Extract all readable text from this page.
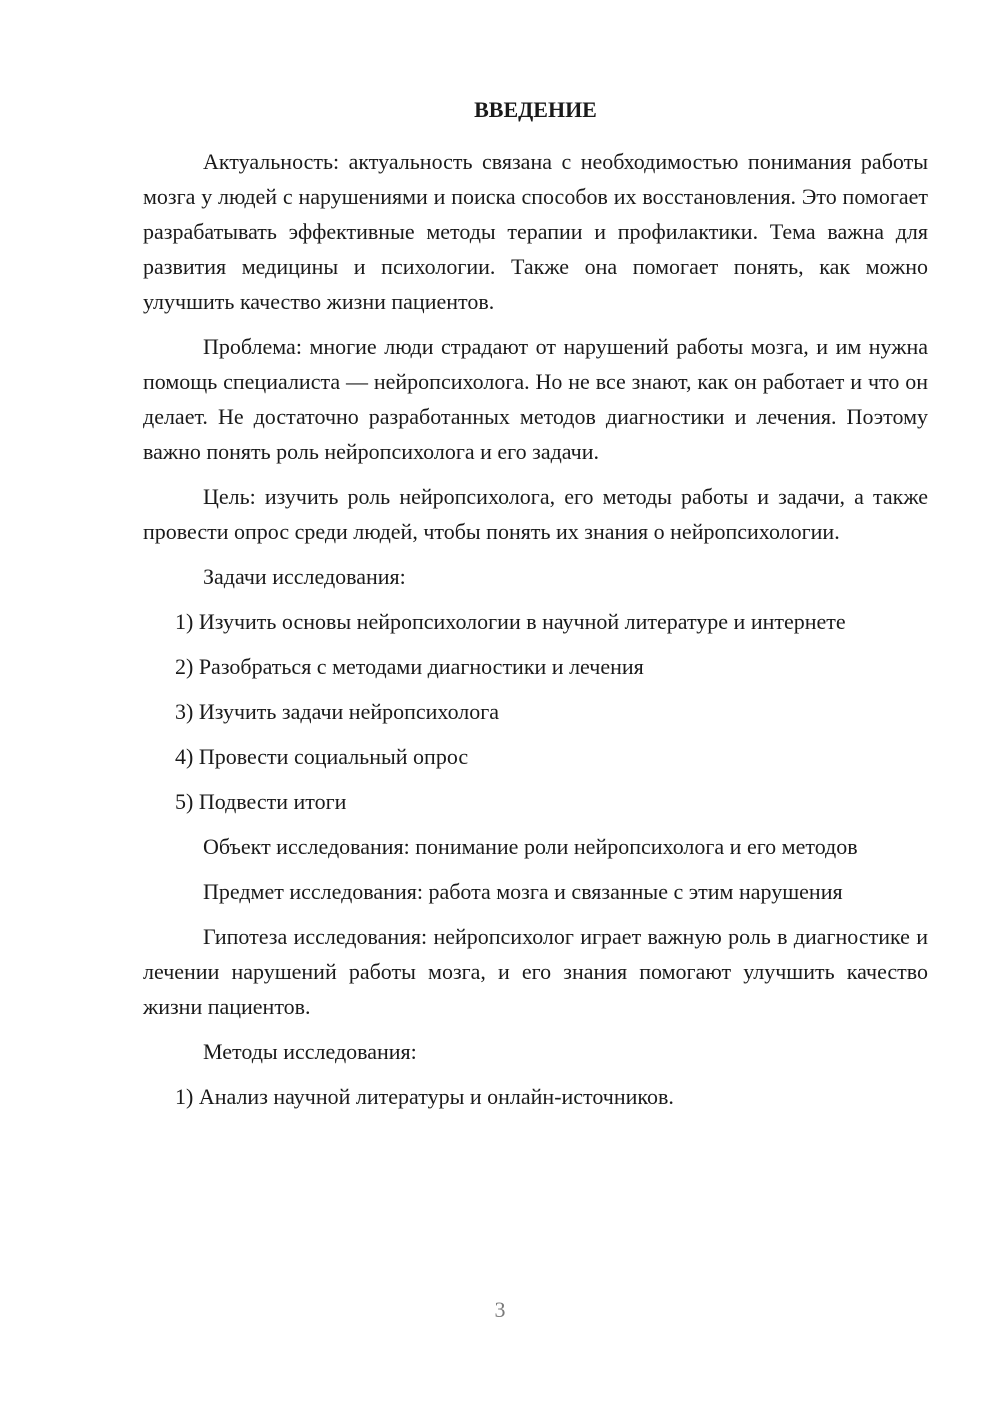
ВВЕДЕНИЕ

Актуальность: актуальность связана с необходимостью понимания работы мозга у людей с нарушениями и поиска способов их восстановления. Это помогает разрабатывать эффективные методы терапии и профилактики. Тема важна для развития медицины и психологии. Также она помогает понять, как можно улучшить качество жизни пациентов.

Проблема: многие люди страдают от нарушений работы мозга, и им нужна помощь специалиста — нейропсихолога. Но не все знают, как он работает и что он делает. Не достаточно разработанных методов диагностики и лечения. Поэтому важно понять роль нейропсихолога и его задачи.

Цель: изучить роль нейропсихолога, его методы работы и задачи, а также провести опрос среди людей, чтобы понять их знания о нейропсихологии.

Задачи исследования:

1) Изучить основы нейропсихологии в научной литературе и интернете

2) Разобраться с методами диагностики и лечения

3) Изучить задачи нейропсихолога

4) Провести социальный опрос

5) Подвести итоги

Объект исследования: понимание роли нейропсихолога и его методов

Предмет исследования: работа мозга и связанные с этим нарушения

Гипотеза исследования: нейропсихолог играет важную роль в диагностике и лечении нарушений работы мозга, и его знания помогают улучшить качество жизни пациентов.

Методы исследования:

1) Анализ научной литературы и онлайн-источников.

3
